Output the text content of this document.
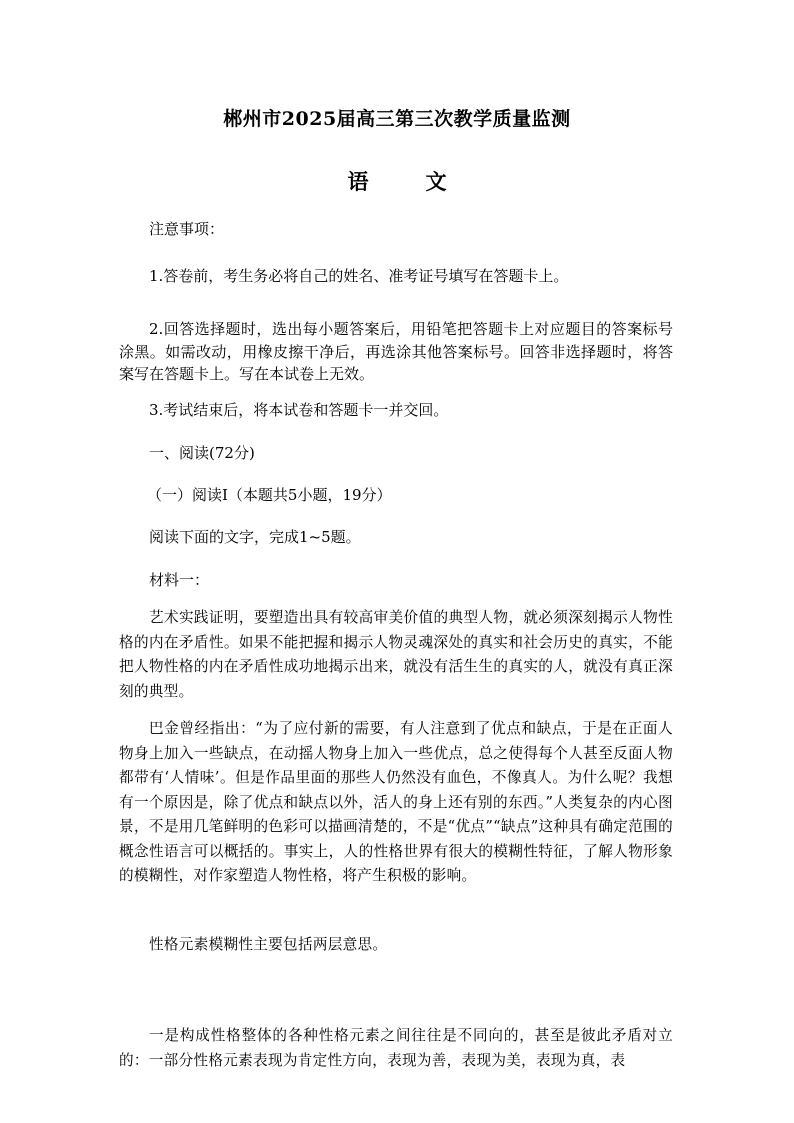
郴州市2025届高三第三次教学质量监测
语　文
注意事项：
1.答卷前，考生务必将自己的姓名、准考证号填写在答题卡上。
2.回答选择题时，选出每小题答案后，用铅笔把答题卡上对应题目的答案标号涂黑。如需改动，用橡皮擦干净后，再选涂其他答案标号。回答非选择题时，将答案写在答题卡上。写在本试卷上无效。
3.考试结束后，将本试卷和答题卡一并交回。
一、阅读(72分)
（一）阅读Ⅰ（本题共5小题，19分）
阅读下面的文字，完成1~5题。
材料一：
艺术实践证明，要塑造出具有较高审美价值的典型人物，就必须深刻揭示人物性格的内在矛盾性。如果不能把握和揭示人物灵魂深处的真实和社会历史的真实，不能把人物性格的内在矛盾性成功地揭示出来，就没有活生生的真实的人，就没有真正深刻的典型。
巴金曾经指出：“为了应付新的需要，有人注意到了优点和缺点，于是在正面人物身上加入一些缺点，在动摇人物身上加入一些优点，总之使得每个人甚至反面人物都带有‘人情味’。但是作品里面的那些人仍然没有血色，不像真人。为什么呢？我想有一个原因是，除了优点和缺点以外，活人的身上还有别的东西。”人类复杂的内心图景，不是用几笔鲜明的色彩可以描画清楚的，不是“优点”“缺点”这种具有确定范围的概念性语言可以概括的。事实上，人的性格世界有很大的模糊性特征，了解人物形象的模糊性，对作家塑造人物性格，将产生积极的影响。
性格元素模糊性主要包括两层意思。
一是构成性格整体的各种性格元素之间往往是不同向的，甚至是彼此矛盾对立的：一部分性格元素表现为肯定性方向，表现为善，表现为美，表现为真，表
